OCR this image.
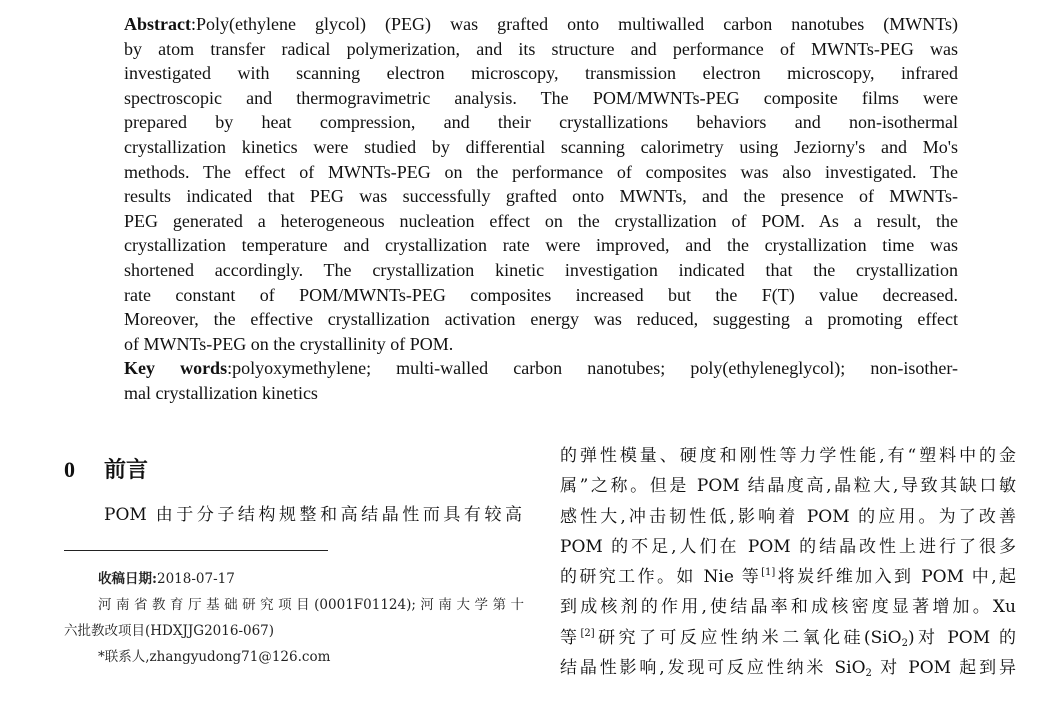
Abstract:Poly(ethylene glycol) (PEG) was grafted onto multiwalled carbon nanotubes (MWNTs)
by atom transfer radical polymerization, and its structure and performance of MWNTs-PEG was
investigated with scanning electron microscopy, transmission electron microscopy, infrared
spectroscopic and thermogravimetric analysis. The POM/MWNTs-PEG composite films were
prepared by heat compression, and their crystallizations behaviors and non-isothermal
crystallization kinetics were studied by differential scanning calorimetry using Jeziorny's and Mo's
methods. The effect of MWNTs-PEG on the performance of composites was also investigated. The
results indicated that PEG was successfully grafted onto MWNTs, and the presence of MWNTs-
PEG generated a heterogeneous nucleation effect on the crystallization of POM. As a result, the
crystallization temperature and crystallization rate were improved, and the crystallization time was
shortened accordingly. The crystallization kinetic investigation indicated that the crystallization
rate constant of POM/MWNTs-PEG composites increased but the F(T) value decreased.
Moreover, the effective crystallization activation energy was reduced, suggesting a promoting effect
of MWNTs-PEG on the crystallinity of POM.
Key words:polyoxymethylene; multi-walled carbon nanotubes; poly(ethyleneglycol); non-isother-
mal crystallization kinetics
0 前言
POM 由于分子结构规整和高结晶性而具有较高
收稿日期:2018-07-17
河南省教育厅基础研究项目(0001F01124);河南大学第十
六批教改项目(HDXJJG2016-067)
*联系人,zhangyudong71@126.com
的弹性模量、硬度和刚性等力学性能,有“塑料中的金
属”之称。但是 POM 结晶度高,晶粒大,导致其缺口敏
感性大,冲击韧性低,影响着 POM 的应用。为了改善
POM 的不足,人们在 POM 的结晶改性上进行了很多
的研究工作。如 Nie 等[1]将炭纤维加入到 POM 中,起
到成核剂的作用,使结晶率和成核密度显著增加。Xu
等[2]研究了可反应性纳米二氧化硅(SiO$_2$)对 POM 的
结晶性影响,发现可反应性纳米 SiO$_2$ 对 POM 起到异
